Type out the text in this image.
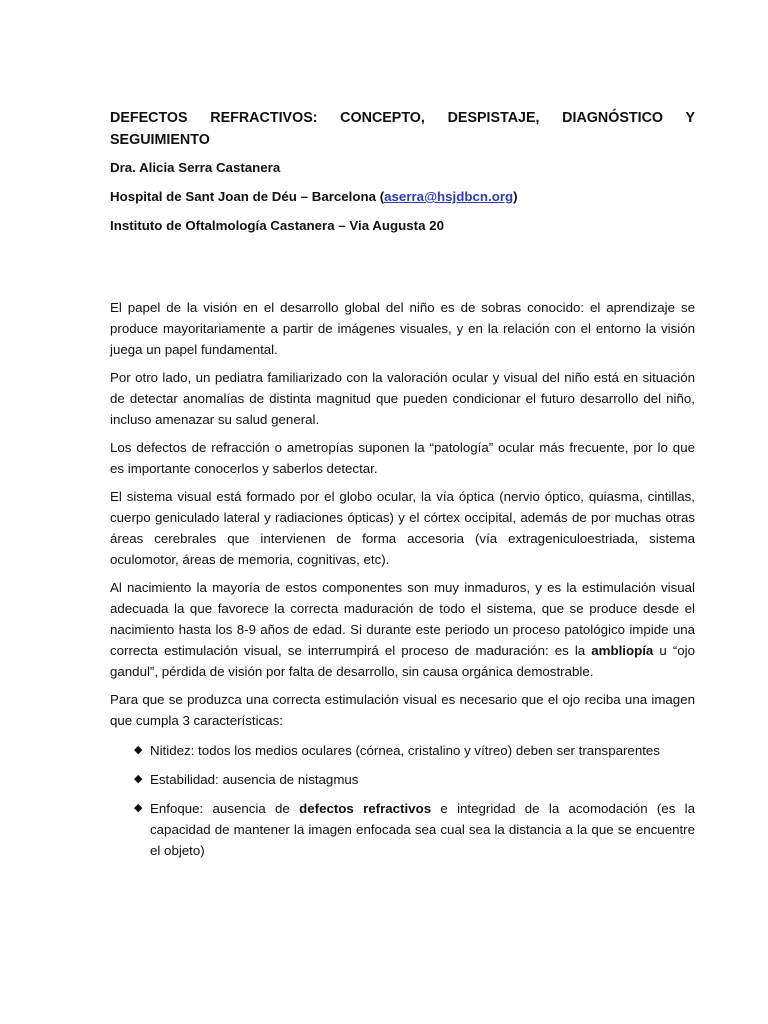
DEFECTOS REFRACTIVOS: CONCEPTO, DESPISTAJE, DIAGNÓSTICO Y SEGUIMIENTO

Dra. Alicia Serra Castanera

Hospital de Sant Joan de Déu – Barcelona (aserra@hsjdbcn.org)

Instituto de Oftalmología Castanera – Via Augusta 20

El papel de la visión en el desarrollo global del niño es de sobras conocido: el aprendizaje se produce mayoritariamente a partir de imágenes visuales, y en la relación con el entorno la visión juega un papel fundamental.

Por otro lado, un pediatra familiarizado con la valoración ocular y visual del niño está en situación de detectar anomalías de distinta magnitud que pueden condicionar el futuro desarrollo del niño, incluso amenazar su salud general.

Los defectos de refracción o ametropías suponen la “patología” ocular más frecuente, por lo que es importante conocerlos y saberlos detectar.

El sistema visual está formado por el globo ocular, la vía óptica (nervio óptico, quiasma, cintillas, cuerpo geniculado lateral y radiaciones ópticas) y el córtex occipital, además de por muchas otras áreas cerebrales que intervienen de forma accesoria (vía extrageniculoestriada, sistema oculomotor, áreas de memoria, cognitivas, etc).

Al nacimiento la mayoría de estos componentes son muy inmaduros, y es la estimulación visual adecuada la que favorece la correcta maduración de todo el sistema, que se produce desde el nacimiento hasta los 8-9 años de edad. Si durante este periodo un proceso patológico impide una correcta estimulación visual, se interrumpirá el proceso de maduración: es la ambliopía u “ojo gandul”, pérdida de visión por falta de desarrollo, sin causa orgánica demostrable.

Para que se produzca una correcta estimulación visual es necesario que el ojo reciba una imagen que cumpla 3 características:

◆ Nitidez: todos los medios oculares (córnea, cristalino y vítreo) deben ser transparentes
◆ Estabilidad: ausencia de nistagmus
◆ Enfoque: ausencia de defectos refractivos e integridad de la acomodación (es la capacidad de mantener la imagen enfocada sea cual sea la distancia a la que se encuentre el objeto)
